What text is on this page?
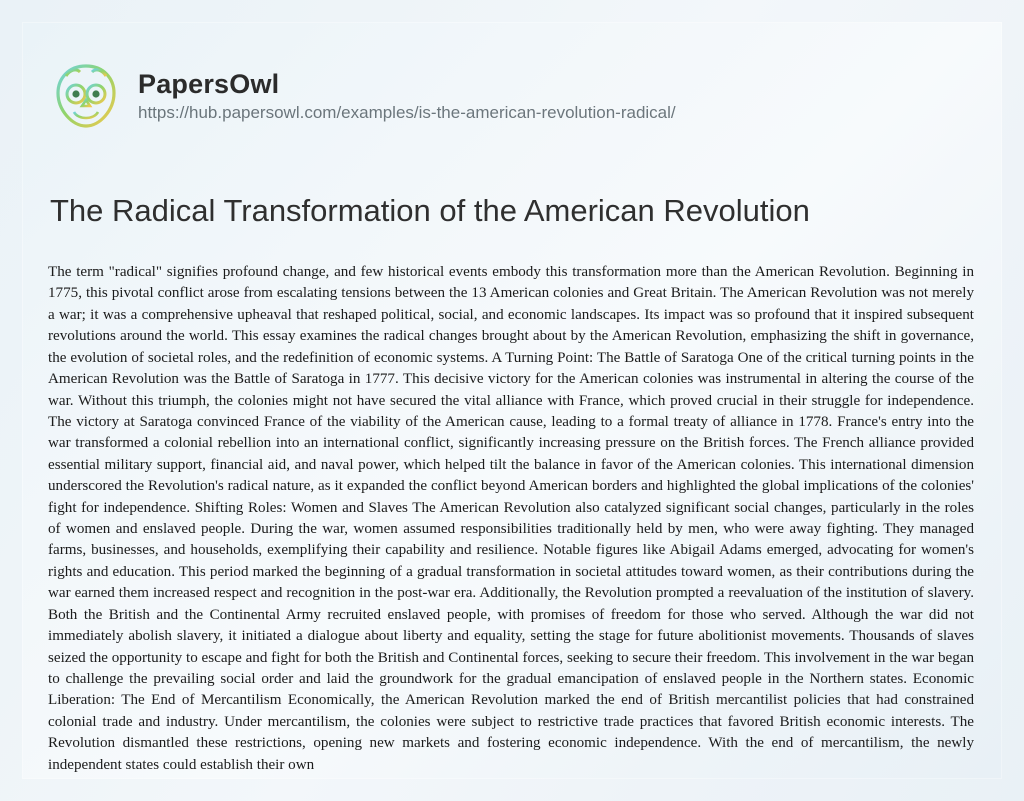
PapersOwl
https://hub.papersowl.com/examples/is-the-american-revolution-radical/
The Radical Transformation of the American Revolution
The term "radical" signifies profound change, and few historical events embody this transformation more than the American Revolution. Beginning in 1775, this pivotal conflict arose from escalating tensions between the 13 American colonies and Great Britain. The American Revolution was not merely a war; it was a comprehensive upheaval that reshaped political, social, and economic landscapes. Its impact was so profound that it inspired subsequent revolutions around the world. This essay examines the radical changes brought about by the American Revolution, emphasizing the shift in governance, the evolution of societal roles, and the redefinition of economic systems. A Turning Point: The Battle of Saratoga One of the critical turning points in the American Revolution was the Battle of Saratoga in 1777. This decisive victory for the American colonies was instrumental in altering the course of the war. Without this triumph, the colonies might not have secured the vital alliance with France, which proved crucial in their struggle for independence. The victory at Saratoga convinced France of the viability of the American cause, leading to a formal treaty of alliance in 1778. France's entry into the war transformed a colonial rebellion into an international conflict, significantly increasing pressure on the British forces. The French alliance provided essential military support, financial aid, and naval power, which helped tilt the balance in favor of the American colonies. This international dimension underscored the Revolution's radical nature, as it expanded the conflict beyond American borders and highlighted the global implications of the colonies' fight for independence. Shifting Roles: Women and Slaves The American Revolution also catalyzed significant social changes, particularly in the roles of women and enslaved people. During the war, women assumed responsibilities traditionally held by men, who were away fighting. They managed farms, businesses, and households, exemplifying their capability and resilience. Notable figures like Abigail Adams emerged, advocating for women's rights and education. This period marked the beginning of a gradual transformation in societal attitudes toward women, as their contributions during the war earned them increased respect and recognition in the post-war era. Additionally, the Revolution prompted a reevaluation of the institution of slavery. Both the British and the Continental Army recruited enslaved people, with promises of freedom for those who served. Although the war did not immediately abolish slavery, it initiated a dialogue about liberty and equality, setting the stage for future abolitionist movements. Thousands of slaves seized the opportunity to escape and fight for both the British and Continental forces, seeking to secure their freedom. This involvement in the war began to challenge the prevailing social order and laid the groundwork for the gradual emancipation of enslaved people in the Northern states. Economic Liberation: The End of Mercantilism Economically, the American Revolution marked the end of British mercantilist policies that had constrained colonial trade and industry. Under mercantilism, the colonies were subject to restrictive trade practices that favored British economic interests. The Revolution dismantled these restrictions, opening new markets and fostering economic independence. With the end of mercantilism, the newly independent states could establish their own
